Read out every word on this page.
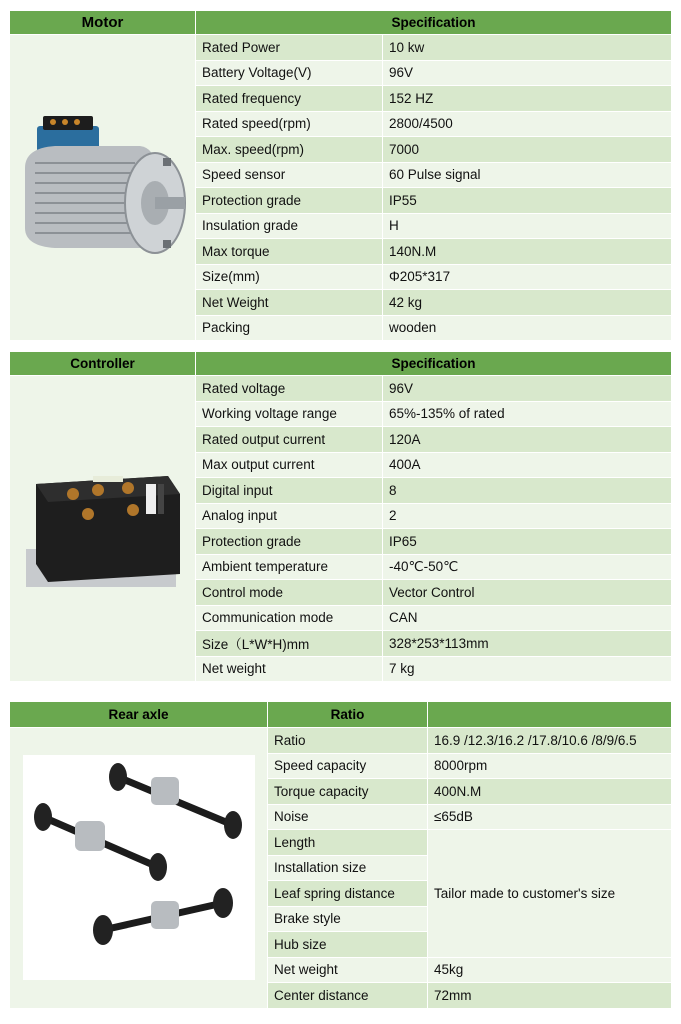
Motor	Specification	

	Rated Power	10 kw
	Battery Voltage(V)	96V
	Rated frequency	152 HZ
	Rated speed(rpm)	2800/4500
	Max. speed(rpm)	7000
	Speed sensor	60 Pulse signal
	Protection grade	IP55
	Insulation grade	H
	Max torque	140N.M
	Size(mm)	Φ205*317
	Net Weight	42 kg
	Packing	wooden
Controller	Specification	

	Rated voltage	96V
	Working voltage range	65%-135% of rated
	Rated output current	120A
	Max output current	400A
	Digital input	8
	Analog input	2
	Protection grade	IP65
	Ambient temperature	-40℃-50℃
	Control mode	Vector Control
	Communication mode	CAN
	Size（L*W*H)mm	328*253*113mm
	Net weight	7 kg
Rear axle	Ratio	

	Ratio	16.9 /12.3/16.2 /17.8/10.6 /8/9/6.5
	Speed capacity	8000rpm
	Torque capacity	400N.M
	Noise	≤65dB
	Length	Tailor made to customer's size
	Installation size	
	Leaf spring distance	
	Brake style	
	Hub size	
	Net weight	45kg
	Center distance	72mm
